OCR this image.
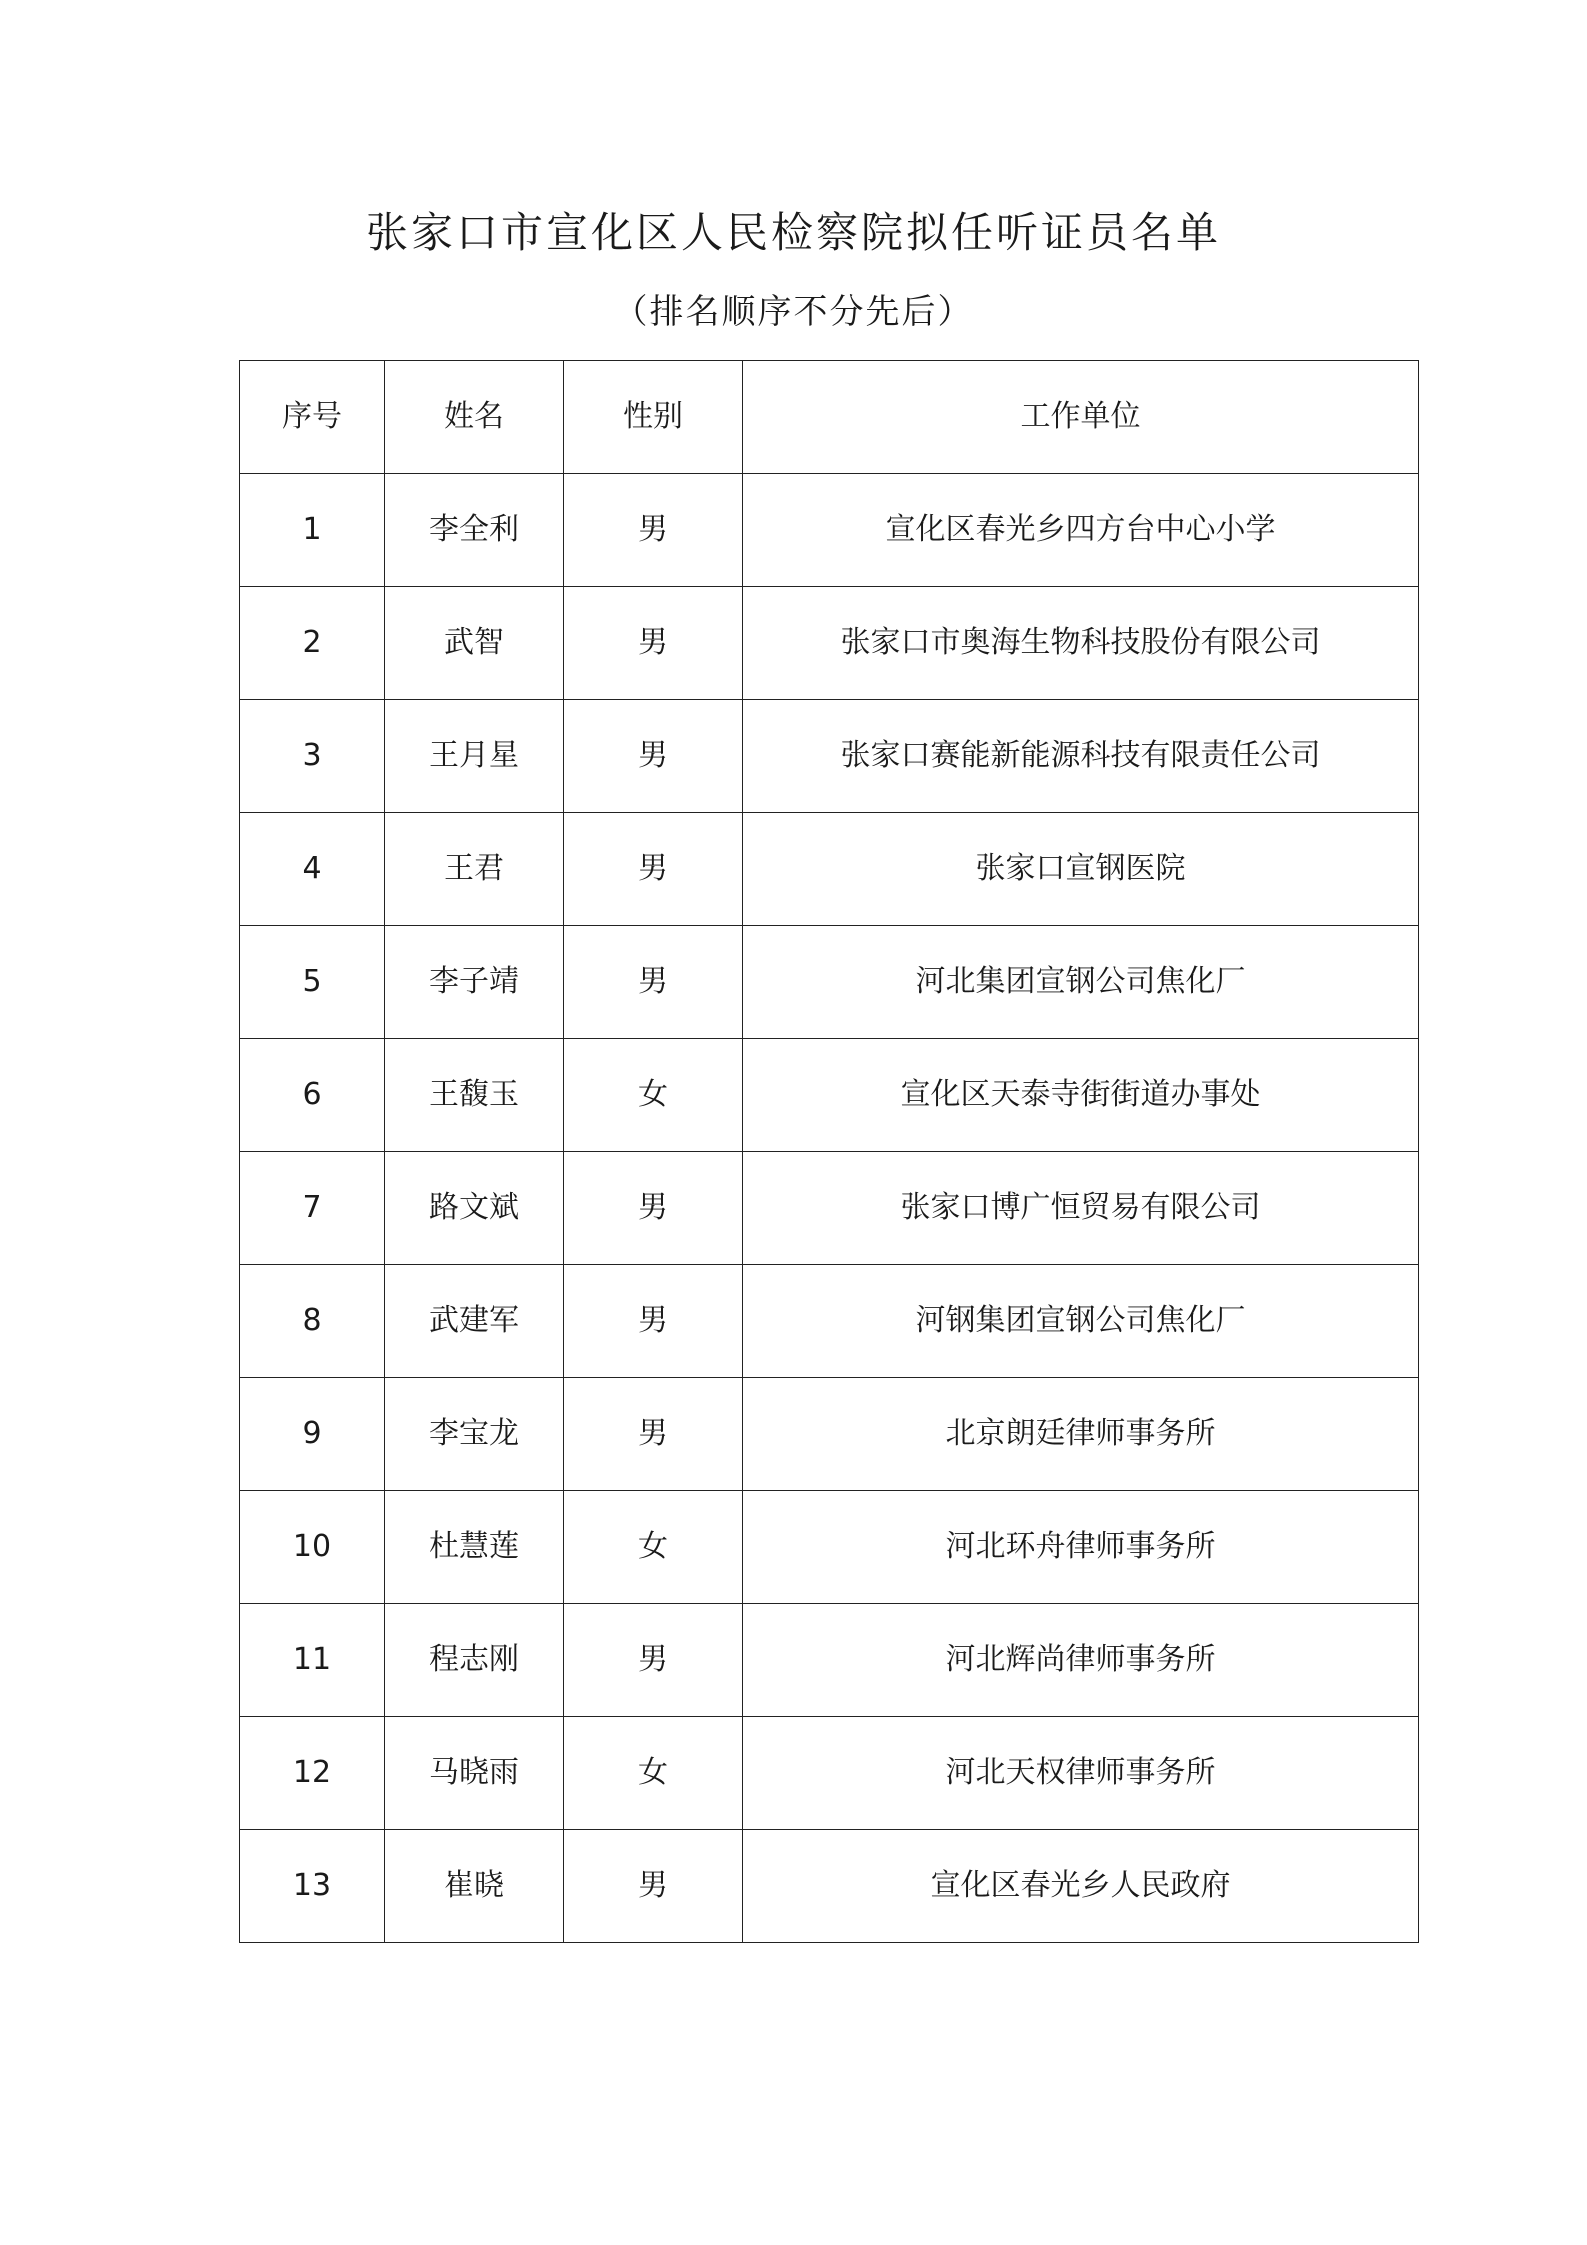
张家口市宣化区人民检察院拟任听证员名单
（排名顺序不分先后）
序号	姓名	性别	工作单位
1	李全利	男	宣化区春光乡四方台中心小学
2	武智	男	张家口市奥海生物科技股份有限公司
3	王月星	男	张家口赛能新能源科技有限责任公司
4	王君	男	张家口宣钢医院
5	李子靖	男	河北集团宣钢公司焦化厂
6	王馥玉	女	宣化区天泰寺街街道办事处
7	路文斌	男	张家口博广恒贸易有限公司
8	武建军	男	河钢集团宣钢公司焦化厂
9	李宝龙	男	北京朗廷律师事务所
10	杜慧莲	女	河北环舟律师事务所
11	程志刚	男	河北辉尚律师事务所
12	马晓雨	女	河北天权律师事务所
13	崔晓	男	宣化区春光乡人民政府
